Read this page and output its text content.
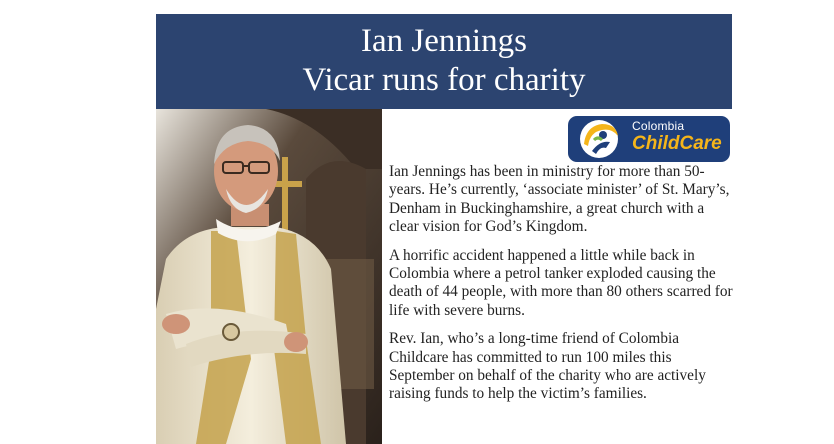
Ian Jennings
Vicar runs for charity
Colombia
ChildCare

Ian Jennings has been in ministry for more than 50-years. He’s currently, ‘associate minister’ of St. Mary’s, Denham in Buckinghamshire, a great church with a clear vision for God’s Kingdom.

A horrific accident happened a little while back in Colombia where a petrol tanker exploded causing the death of 44 people, with more than 80 others scarred for life with severe burns.

Rev. Ian, who’s a long-time friend of Colombia Childcare has committed to run 100 miles this September on behalf of the charity who are actively raising funds to help the victim’s families.
